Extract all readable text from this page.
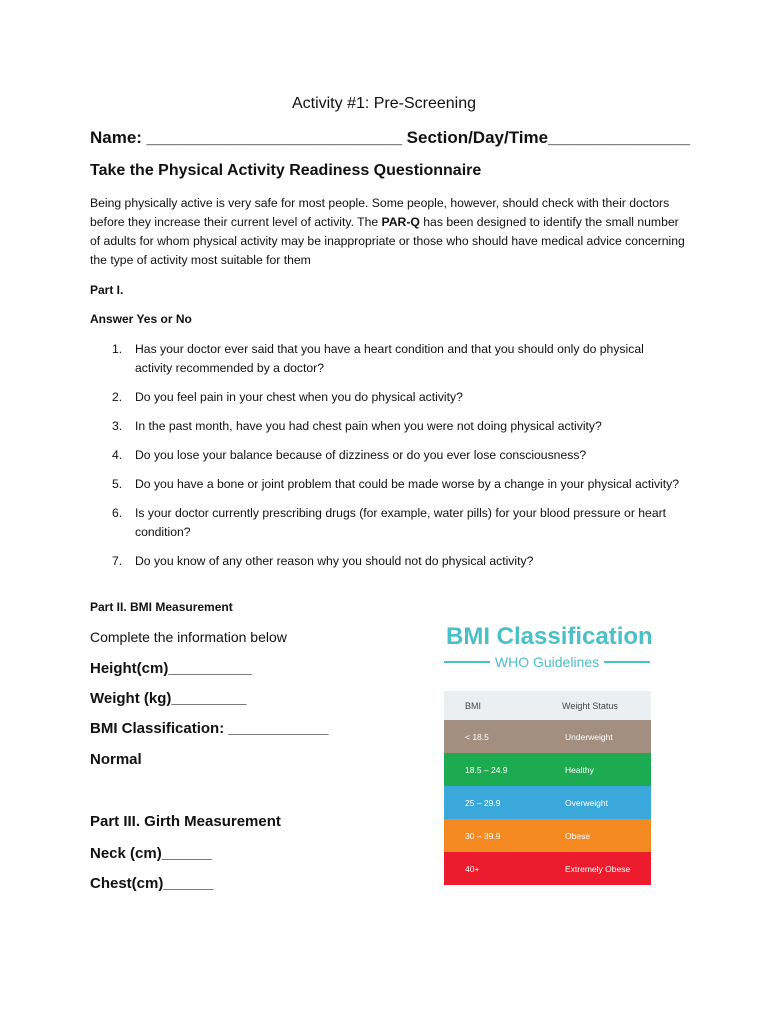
Activity #1: Pre-Screening

Name: ___________________________ Section/Day/Time_______________

Take the Physical Activity Readiness Questionnaire

Being physically active is very safe for most people. Some people, however, should check with their doctors before they increase their current level of activity. The PAR-Q has been designed to identify the small number of adults for whom physical activity may be inappropriate or those who should have medical advice concerning the type of activity most suitable for them

Part I.

Answer Yes or No

1.	Has your doctor ever said that you have a heart condition and that you should only do physical activity recommended by a doctor?
2.	Do you feel pain in your chest when you do physical activity?
3.	In the past month, have you had chest pain when you were not doing physical activity?
4.	Do you lose your balance because of dizziness or do you ever lose consciousness?
5.	Do you have a bone or joint problem that could be made worse by a change in your physical activity?
6.	Is your doctor currently prescribing drugs (for example, water pills) for your blood pressure or heart condition?
7.	Do you know of any other reason why you should not do physical activity?

Part II. BMI Measurement

Complete the information below

Height(cm)__________

Weight (kg)_________

BMI Classification: ____________

Normal

Part III. Girth Measurement

Neck (cm)______

Chest(cm)______

BMI Classification
WHO Guidelines
BMI	Weight Status
< 18.5	Underweight
18.5 – 24.9	Healthy
25 – 29.9	Overweight
30 – 39.9	Obese
40+	Extremely Obese
